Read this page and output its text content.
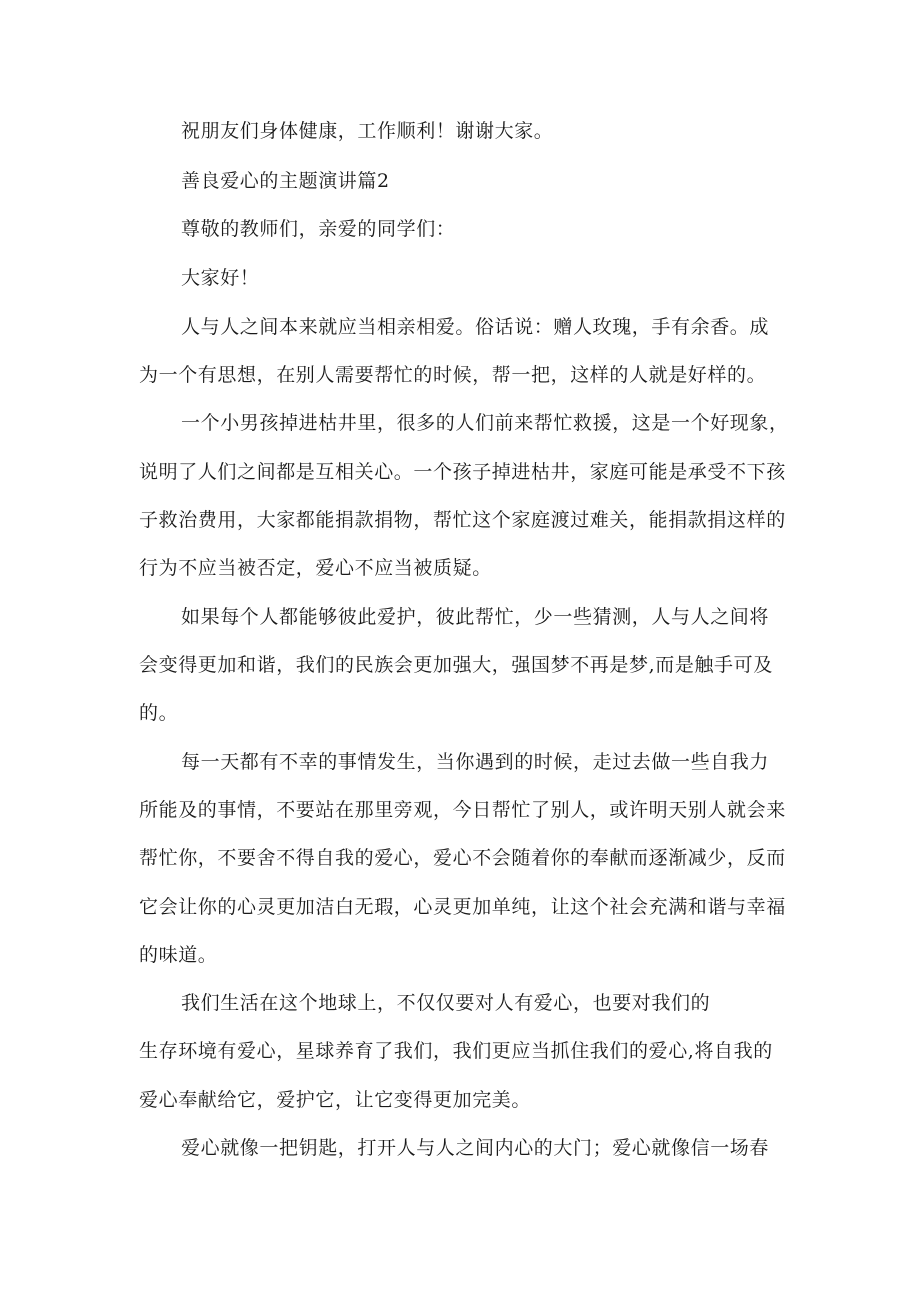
祝朋友们身体健康，工作顺利！谢谢大家。
善良爱心的主题演讲篇2
尊敬的教师们，亲爱的同学们：
大家好！
人与人之间本来就应当相亲相爱。俗话说：赠人玫瑰，手有余香。成
为一个有思想，在别人需要帮忙的时候，帮一把，这样的人就是好样的。
一个小男孩掉进枯井里，很多的人们前来帮忙救援，这是一个好现象，
说明了人们之间都是互相关心。一个孩子掉进枯井，家庭可能是承受不下孩
子救治费用，大家都能捐款捐物，帮忙这个家庭渡过难关，能捐款捐这样的
行为不应当被否定，爱心不应当被质疑。
如果每个人都能够彼此爱护，彼此帮忙，少一些猜测，人与人之间将
会变得更加和谐，我们的民族会更加强大，强国梦不再是梦,而是触手可及
的。
每一天都有不幸的事情发生，当你遇到的时候，走过去做一些自我力
所能及的事情，不要站在那里旁观，今日帮忙了别人，或许明天别人就会来
帮忙你，不要舍不得自我的爱心，爱心不会随着你的奉献而逐渐减少，反而
它会让你的心灵更加洁白无瑕，心灵更加单纯，让这个社会充满和谐与幸福
的味道。
我们生活在这个地球上，不仅仅要对人有爱心，也要对我们的
生存环境有爱心，星球养育了我们，我们更应当抓住我们的爱心,将自我的
爱心奉献给它，爱护它，让它变得更加完美。
爱心就像一把钥匙，打开人与人之间内心的大门；爱心就像信一场春
